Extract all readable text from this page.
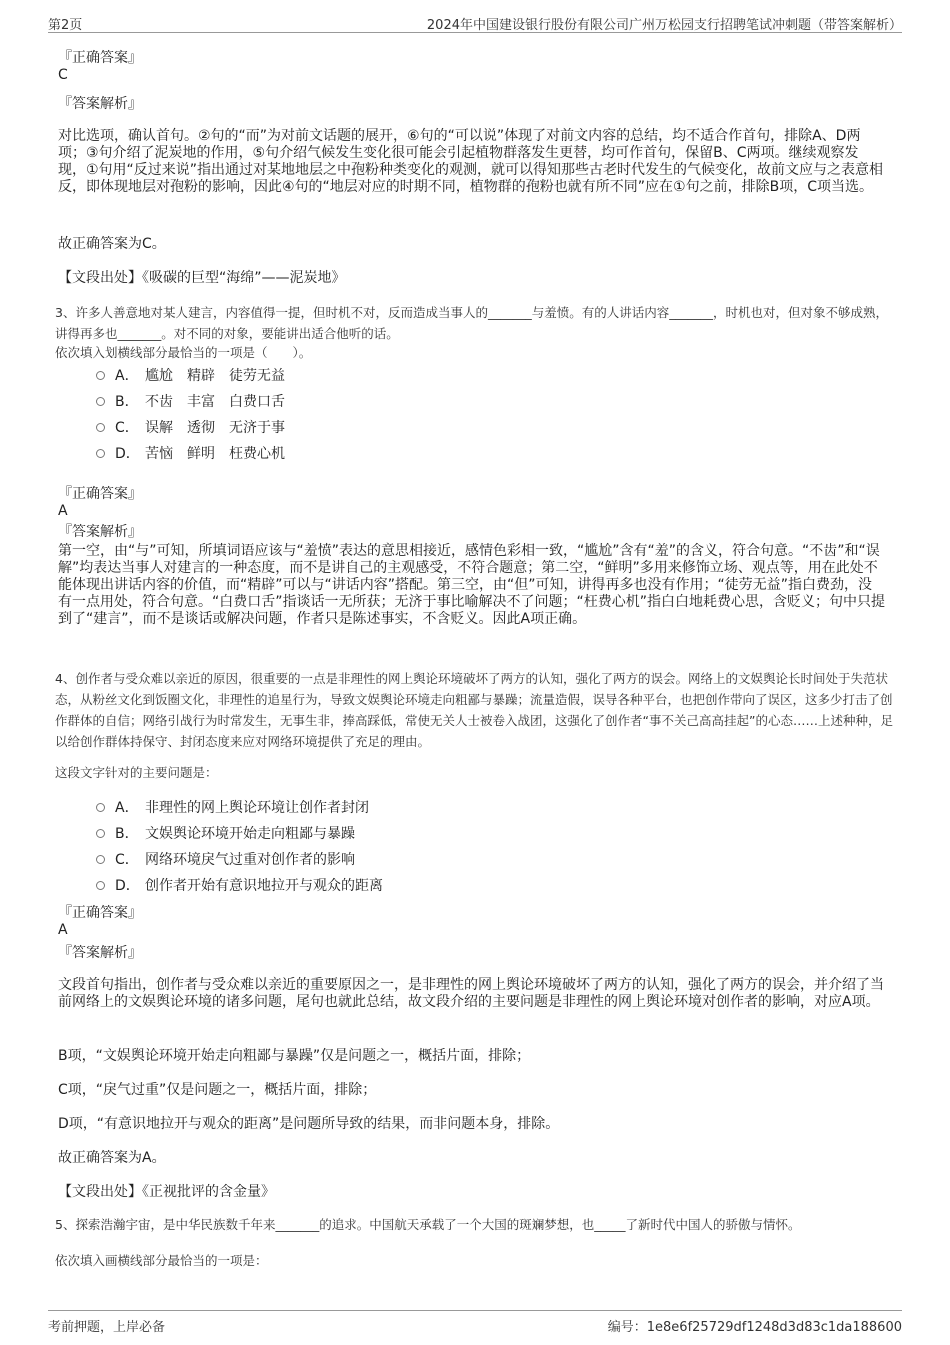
第2页	2024年中国建设银行股份有限公司广州万松园支行招聘笔试冲刺题（带答案解析）
『正确答案』
C
『答案解析』
对比选项，确认首句。②句的“而”为对前文话题的展开，⑥句的“可以说”体现了对前文内容的总结，均不适合作首句，排除A、D两项；③句介绍了泥炭地的作用，⑤句介绍气候发生变化很可能会引起植物群落发生更替，均可作首句，保留B、C两项。继续观察发现，①句用“反过来说”指出通过对某地地层之中孢粉种类变化的观测，就可以得知那些古老时代发生的气候变化，故前文应与之表意相反，即体现地层对孢粉的影响，因此④句的“地层对应的时期不同，植物群的孢粉也就有所不同”应在①句之前，排除B项，C项当选。
故正确答案为C。
【文段出处】《吸碳的巨型“海绵”——泥炭地》
3、许多人善意地对某人建言，内容值得一提，但时机不对，反而造成当事人的_______与羞愤。有的人讲话内容_______，时机也对，但对象不够成熟，讲得再多也_______。对不同的对象，要能讲出适合他听的话。
依次填入划横线部分最恰当的一项是（　　）。
A． 尴尬　精辟　徒劳无益
B． 不齿　丰富　白费口舌
C． 误解　透彻　无济于事
D． 苦恼　鲜明　枉费心机
『正确答案』
A
『答案解析』
第一空，由“与”可知，所填词语应该与“羞愤”表达的意思相接近，感情色彩相一致，“尴尬”含有“羞”的含义，符合句意。“不齿”和“误解”均表达当事人对建言的一种态度，而不是讲自己的主观感受，不符合题意；第二空，“鲜明”多用来修饰立场、观点等，用在此处不能体现出讲话内容的价值，而“精辟”可以与“讲话内容”搭配。第三空，由“但”可知，讲得再多也没有作用；“徒劳无益”指白费劲，没有一点用处，符合句意。“白费口舌”指谈话一无所获；无济于事比喻解决不了问题；“枉费心机”指白白地耗费心思，含贬义；句中只提到了“建言”，而不是谈话或解决问题，作者只是陈述事实，不含贬义。因此A项正确。
4、创作者与受众难以亲近的原因，很重要的一点是非理性的网上舆论环境破坏了两方的认知，强化了两方的误会。网络上的文娱舆论长时间处于失范状态，从粉丝文化到饭圈文化，非理性的追星行为，导致文娱舆论环境走向粗鄙与暴躁；流量造假，误导各种平台，也把创作带向了误区，这多少打击了创作群体的自信；网络引战行为时常发生，无事生非，捧高踩低，常使无关人士被卷入战团，这强化了创作者“事不关己高高挂起”的心态……上述种种，足以给创作群体持保守、封闭态度来应对网络环境提供了充足的理由。
这段文字针对的主要问题是：
A． 非理性的网上舆论环境让创作者封闭
B． 文娱舆论环境开始走向粗鄙与暴躁
C． 网络环境戾气过重对创作者的影响
D． 创作者开始有意识地拉开与观众的距离
『正确答案』
A
『答案解析』
文段首句指出，创作者与受众难以亲近的重要原因之一，是非理性的网上舆论环境破坏了两方的认知，强化了两方的误会，并介绍了当前网络上的文娱舆论环境的诸多问题，尾句也就此总结，故文段介绍的主要问题是非理性的网上舆论环境对创作者的影响，对应A项。
B项，“文娱舆论环境开始走向粗鄙与暴躁”仅是问题之一，概括片面，排除；
C项，“戾气过重”仅是问题之一，概括片面，排除；
D项，“有意识地拉开与观众的距离”是问题所导致的结果，而非问题本身，排除。
故正确答案为A。
【文段出处】《正视批评的含金量》
5、探索浩瀚宇宙，是中华民族数千年来_______的追求。中国航天承载了一个大国的斑斓梦想，也_____了新时代中国人的骄傲与情怀。
依次填入画横线部分最恰当的一项是：
考前押题，上岸必备	编号：1e8e6f25729df1248d3d83c1da188600
